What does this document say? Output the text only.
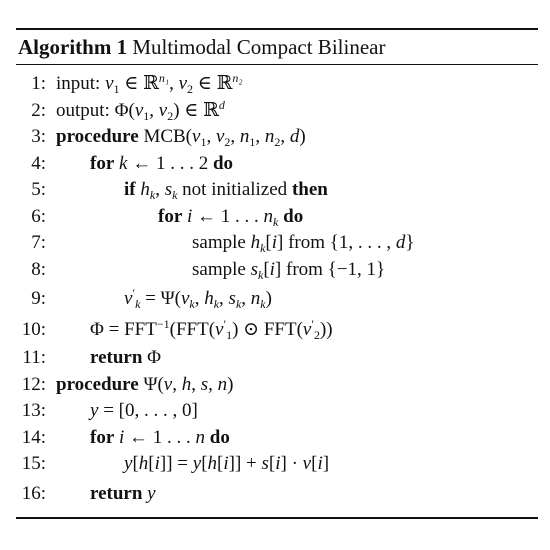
Algorithm 1 Multimodal Compact Bilinear
1: input: $v_1$ ∈ ℝ$^{n_1}$, $v_2$ ∈ ℝ$^{n_2}$
2: output: $\Phi(v_1$, $v_2$) ∈ ℝ$^d$
3: procedure $MCB(v_1$, $v_2$, $n_1$, $n_2$, d)
4: for k ← 1 . . . 2 do
5:	if $h_k$, $s_k$ not initialized then
6:	for i ← 1 . . . $n_k$ do
7:	sample $h_k[i]$ from {1, . . . , d}
8:	sample $s_k[i]$ from {−1, 1}
9:	$v'_k = \Psi(v_k$, $h_k$, $s_k$, $n_k$)
10: $\Phi = FFT^{-1}(FFT(v'_1)$ ⊙ $FFT(v'_2)$)
11: return Φ
12: procedure Ψ(v, h, s, n)
13: y = [0, . . . , 0]
14: for i ← 1 . . . n do
15:	y[h[i]] = y[h[i]] + s[i] · v[i]
16: return y
